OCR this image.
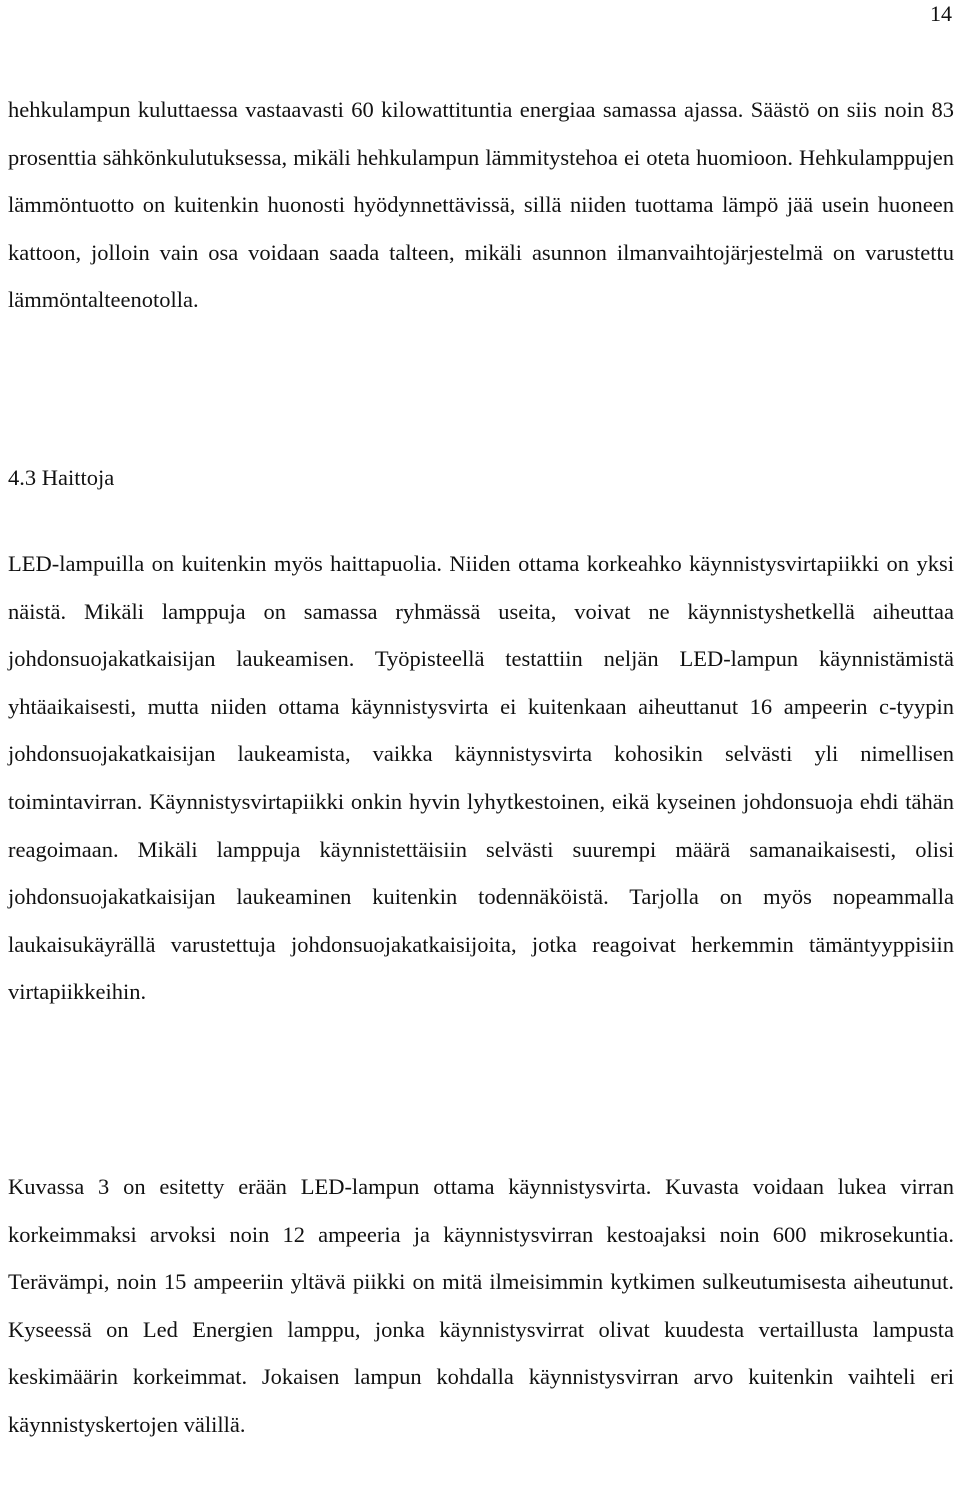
14

hehkulampun kuluttaessa vastaavasti 60 kilowattituntia energiaa samassa ajassa. Säästö on siis noin 83 prosenttia sähkönkulutuksessa, mikäli hehkulampun lämmitystehoa ei oteta huomioon. Hehkulamppujen lämmöntuotto on kuitenkin huonosti hyödynnettävissä, sillä niiden tuottama lämpö jää usein huoneen kattoon, jolloin vain osa voidaan saada talteen, mikäli asunnon ilmanvaihtojärjestelmä on varustettu lämmöntalteenotolla.

4.3 Haittoja

LED-lampuilla on kuitenkin myös haittapuolia. Niiden ottama korkeahko käynnistysvirtapiikki on yksi näistä. Mikäli lamppuja on samassa ryhmässä useita, voivat ne käynnistyshetkellä aiheuttaa johdonsuojakatkaisijan laukeamisen. Työpisteellä testattiin neljän LED-lampun käynnistämistä yhtäaikaisesti, mutta niiden ottama käynnistysvirta ei kuitenkaan aiheuttanut 16 ampeerin c-tyypin johdonsuojakatkaisijan laukeamista, vaikka käynnistysvirta kohosikin selvästi yli nimellisen toimintavirran. Käynnistysvirtapiikki onkin hyvin lyhytkestoinen, eikä kyseinen johdonsuoja ehdi tähän reagoimaan. Mikäli lamppuja käynnistettäisiin selvästi suurempi määrä samanaikaisesti, olisi johdonsuojakatkaisijan laukeaminen kuitenkin todennäköistä. Tarjolla on myös nopeammalla laukaisukäyrällä varustettuja johdonsuojakatkaisijoita, jotka reagoivat herkemmin tämäntyyppisiin virtapiikkeihin.

Kuvassa 3 on esitetty erään LED-lampun ottama käynnistysvirta. Kuvasta voidaan lukea virran korkeimmaksi arvoksi noin 12 ampeeria ja käynnistysvirran kestoajaksi noin 600 mikrosekuntia. Terävämpi, noin 15 ampeeriin yltävä piikki on mitä ilmeisimmin kytkimen sulkeutumisesta aiheutunut. Kyseessä on Led Energien lamppu, jonka käynnistysvirrat olivat kuudesta vertaillusta lampusta keskimäärin korkeimmat. Jokaisen lampun kohdalla käynnistysvirran arvo kuitenkin vaihteli eri käynnistyskertojen välillä.
